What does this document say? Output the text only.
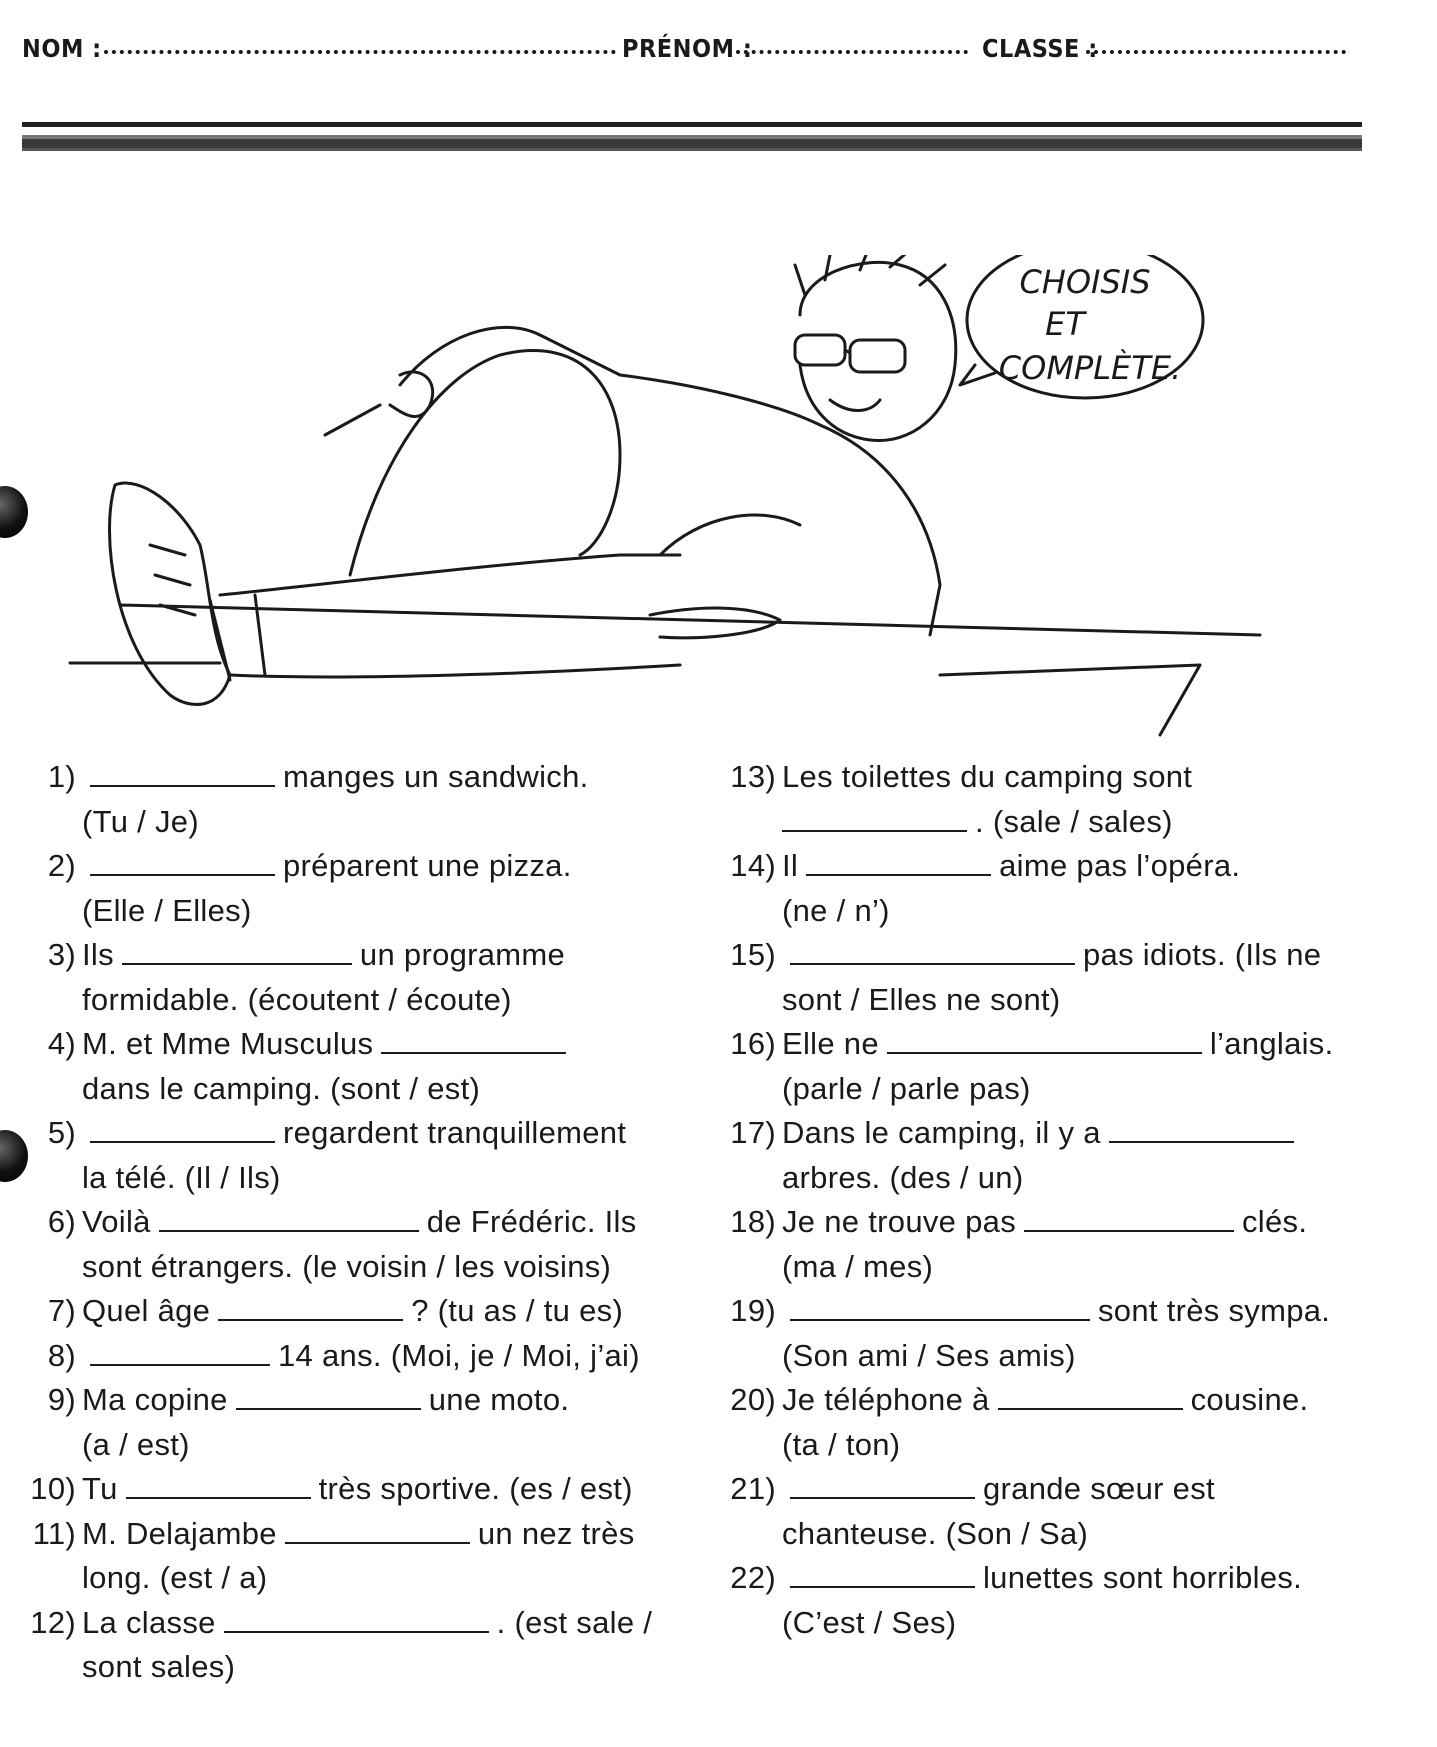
NOM :	PRÉNOM :	CLASSE :
CHOISIS
ET
COMPLÈTE.
1)	manges un sandwich.
(Tu / Je)
2)	préparent une pizza.
(Elle / Elles)
3) Ils	un programme
formidable. (écoutent / écoute)
4) M. et Mme Musculus
dans le camping. (sont / est)
5)	regardent tranquillement
la télé. (Il / Ils)
6) Voilà	de Frédéric. Ils
sont étrangers. (le voisin / les voisins)
7) Quel âge	? (tu as / tu es)
8)	14 ans. (Moi, je / Moi, j’ai)
9) Ma copine	une moto.
(a / est)
10) Tu	très sportive. (es / est)
11) M. Delajambe	un nez très
long. (est / a)
12) La classe	. (est sale /
sont sales)
13) Les toilettes du camping sont
. (sale / sales)
14) Il	aime pas l’opéra.
(ne / n’)
15)	pas idiots. (Ils ne
sont / Elles ne sont)
16) Elle ne	l’anglais.
(parle / parle pas)
17) Dans le camping, il y a
arbres. (des / un)
18) Je ne trouve pas	clés.
(ma / mes)
19)	sont très sympa.
(Son ami / Ses amis)
20) Je téléphone à	cousine.
(ta / ton)
21)	grande sœur est
chanteuse. (Son / Sa)
22)	lunettes sont horribles.
(C’est / Ses)
